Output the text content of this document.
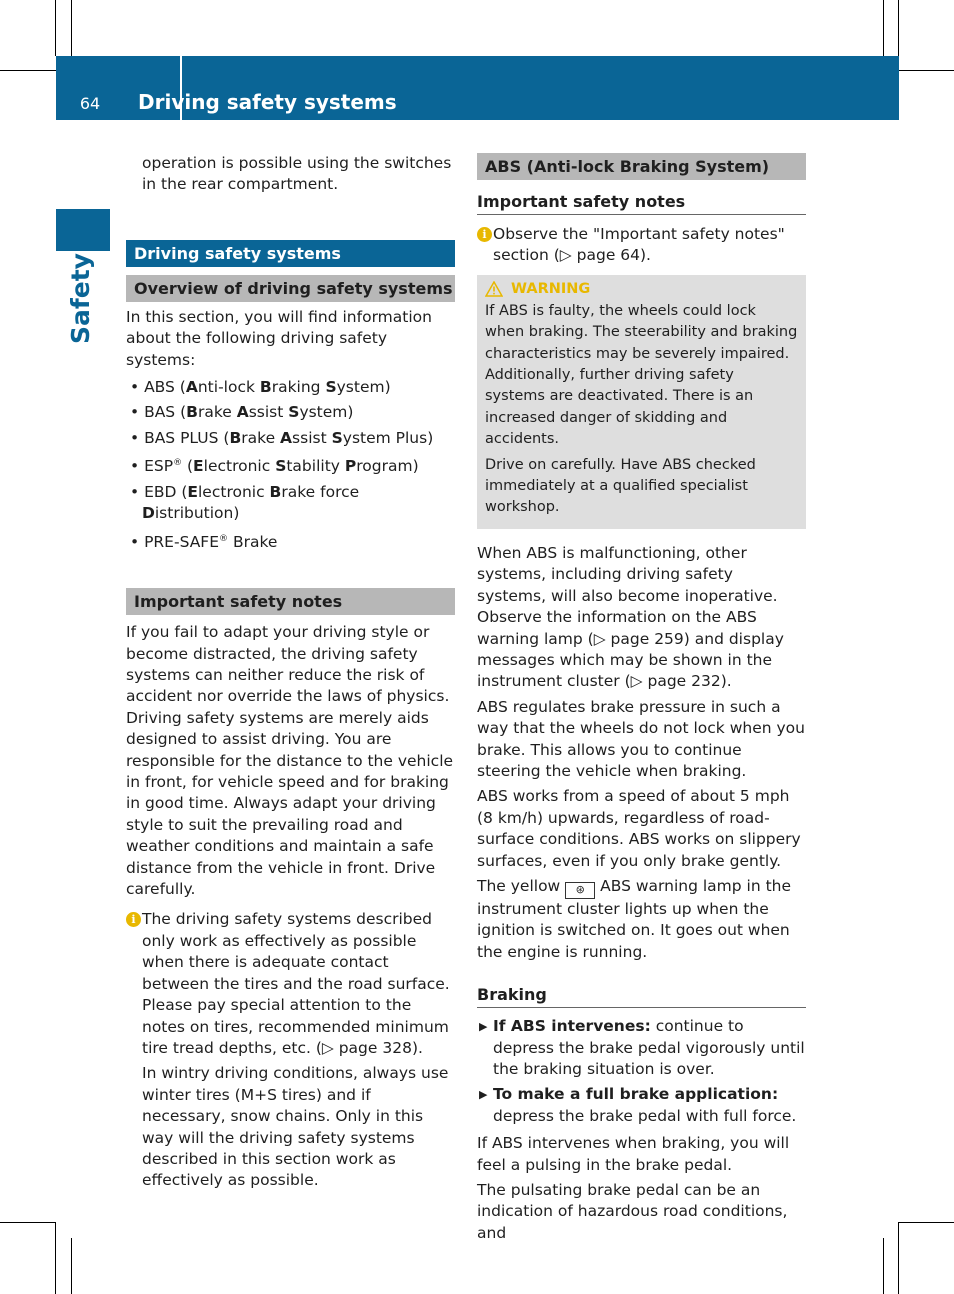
64	Driving safety systems
Safety

operation is possible using the switches in the rear compartment.

Driving safety systems
Overview of driving safety systems

In this section, you will find information about the following driving safety systems:

• ABS (Anti-lock Braking System)
• BAS (Brake Assist System)
• BAS PLUS (Brake Assist System Plus)
• ESP® (Electronic Stability Program)
• EBD (Electronic Brake force Distribution)
• PRE-SAFE® Brake
Important safety notes

If you fail to adapt your driving style or become distracted, the driving safety systems can neither reduce the risk of accident nor override the laws of physics. Driving safety systems are merely aids designed to assist driving. You are responsible for the distance to the vehicle in front, for vehicle speed and for braking in good time. Always adapt your driving style to suit the prevailing road and weather conditions and maintain a safe distance from the vehicle in front. Drive carefully.

i The driving safety systems described only work as effectively as possible when there is adequate contact between the tires and the road surface. Please pay special attention to the notes on tires, recommended minimum tire tread depths, etc. (▷ page 328).

In wintry driving conditions, always use winter tires (M+S tires) and if necessary, snow chains. Only in this way will the driving safety systems described in this section work as effectively as possible.

ABS (Anti-lock Braking System)
Important safety notes
i Observe the "Important safety notes" section (▷ page 64).
WARNING

If ABS is faulty, the wheels could lock when braking. The steerability and braking characteristics may be severely impaired. Additionally, further driving safety systems are deactivated. There is an increased danger of skidding and accidents.

Drive on carefully. Have ABS checked immediately at a qualified specialist workshop.

When ABS is malfunctioning, other systems, including driving safety systems, will also become inoperative. Observe the information on the ABS warning lamp (▷ page 259) and display messages which may be shown in the instrument cluster (▷ page 232).

ABS regulates brake pressure in such a way that the wheels do not lock when you brake. This allows you to continue steering the vehicle when braking.

ABS works from a speed of about 5 mph (8 km/h) upwards, regardless of road-surface conditions. ABS works on slippery surfaces, even if you only brake gently.

The yellow ⊛ ABS warning lamp in the instrument cluster lights up when the ignition is switched on. It goes out when the engine is running.

Braking
▶ If ABS intervenes: continue to depress the brake pedal vigorously until the braking situation is over.
▶ To make a full brake application: depress the brake pedal with full force.

If ABS intervenes when braking, you will feel a pulsing in the brake pedal.

The pulsating brake pedal can be an indication of hazardous road conditions, and
